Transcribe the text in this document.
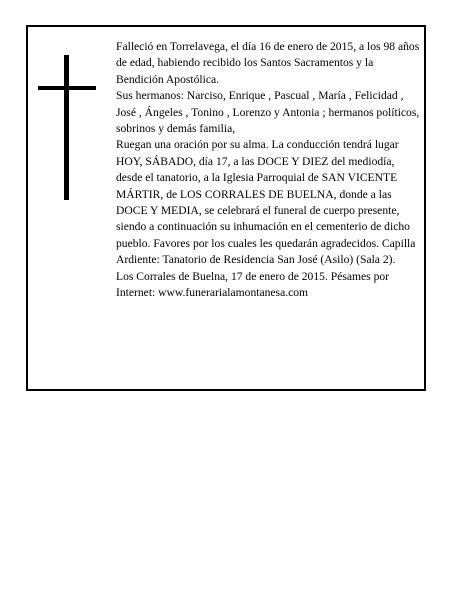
Falleció en Torrelavega, el día 16 de enero de 2015, a los 98 años de edad, habiendo recibido los Santos Sacramentos y la Bendición Apostólica.

Sus hermanos: Narciso, Enrique , Pascual , María , Felicidad , José , Ángeles , Tonino , Lorenzo y Antonia ; hermanos políticos, sobrinos y demás familia,

Ruegan una oración por su alma. La conducción tendrá lugar HOY, SÁBADO, día 17, a las DOCE Y DIEZ del mediodía, desde el tanatorio, a la Iglesia Parroquial de SAN VICENTE MÁRTIR, de LOS CORRALES DE BUELNA, donde a las DOCE Y MEDIA, se celebrará el funeral de cuerpo presente, siendo a continuación su inhumación en el cementerio de dicho pueblo. Favores por los cuales les quedarán agradecidos. Capilla Ardiente: Tanatorio de Residencia San José (Asilo) (Sala 2).

Los Corrales de Buelna, 17 de enero de 2015. Pésames por Internet: www.funerarialamontanesa.com
